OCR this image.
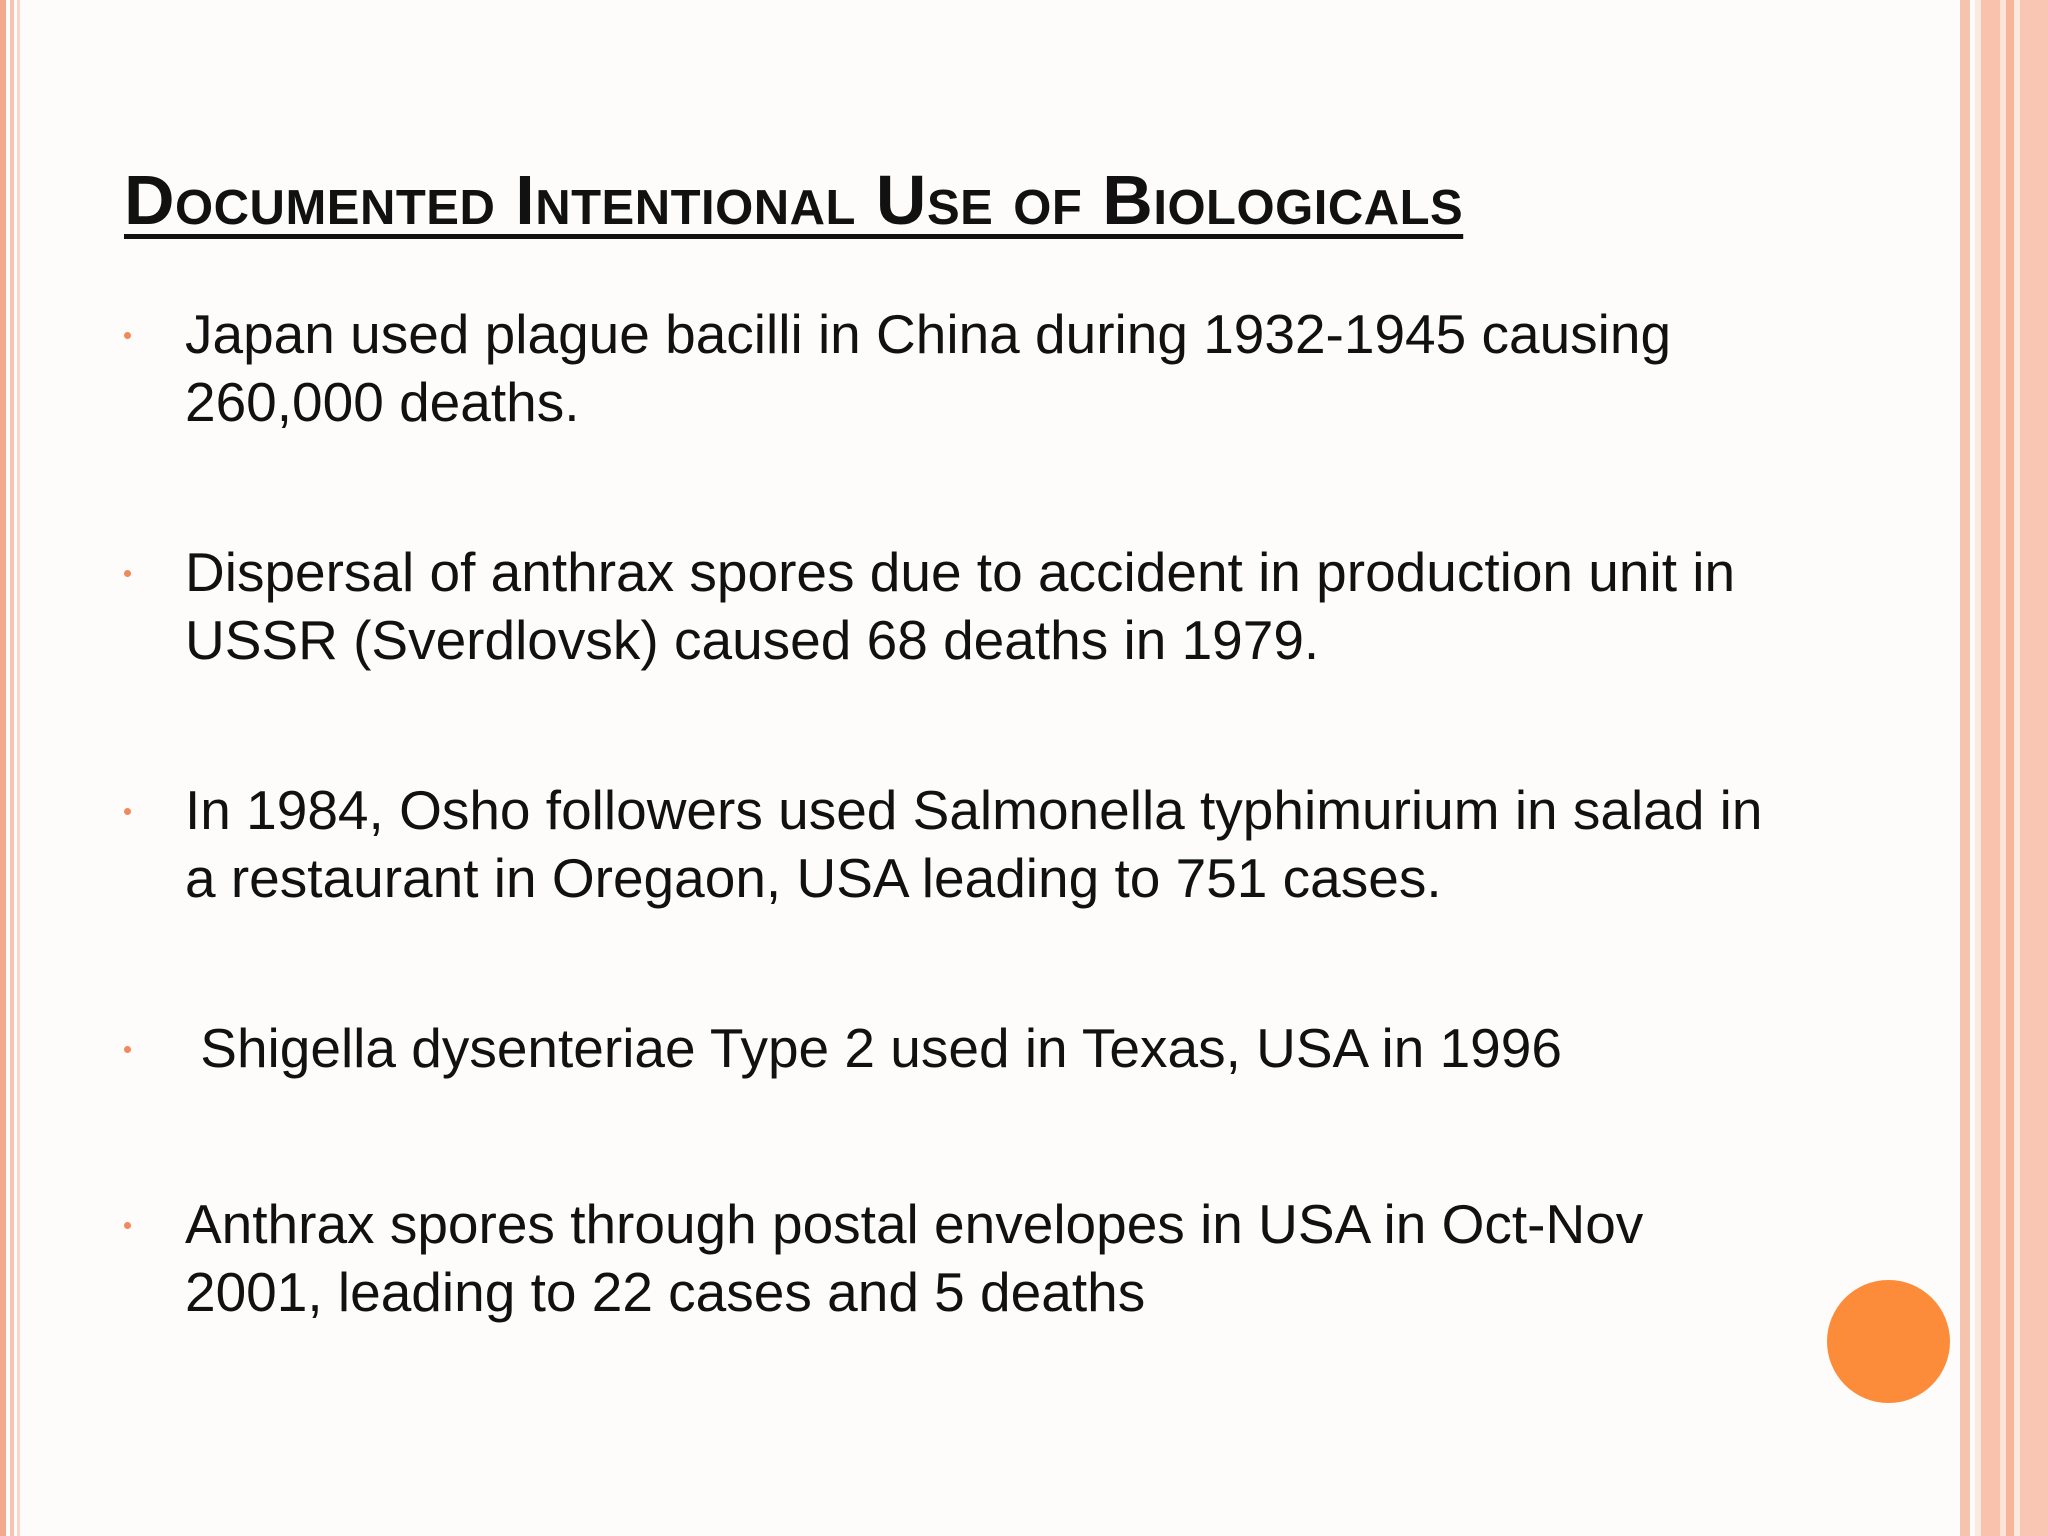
Documented Intentional Use of Biologicals
Japan used plague bacilli in China during 1932-1945 causing 260,000 deaths.
Dispersal of anthrax spores due to accident in production unit in USSR (Sverdlovsk) caused 68 deaths in 1979.
In 1984, Osho followers used Salmonella typhimurium in salad in a restaurant in Oregaon, USA leading to 751 cases.
Shigella dysenteriae Type 2 used in Texas, USA in 1996
Anthrax spores through postal envelopes in USA in Oct-Nov 2001, leading to 22 cases and 5 deaths
